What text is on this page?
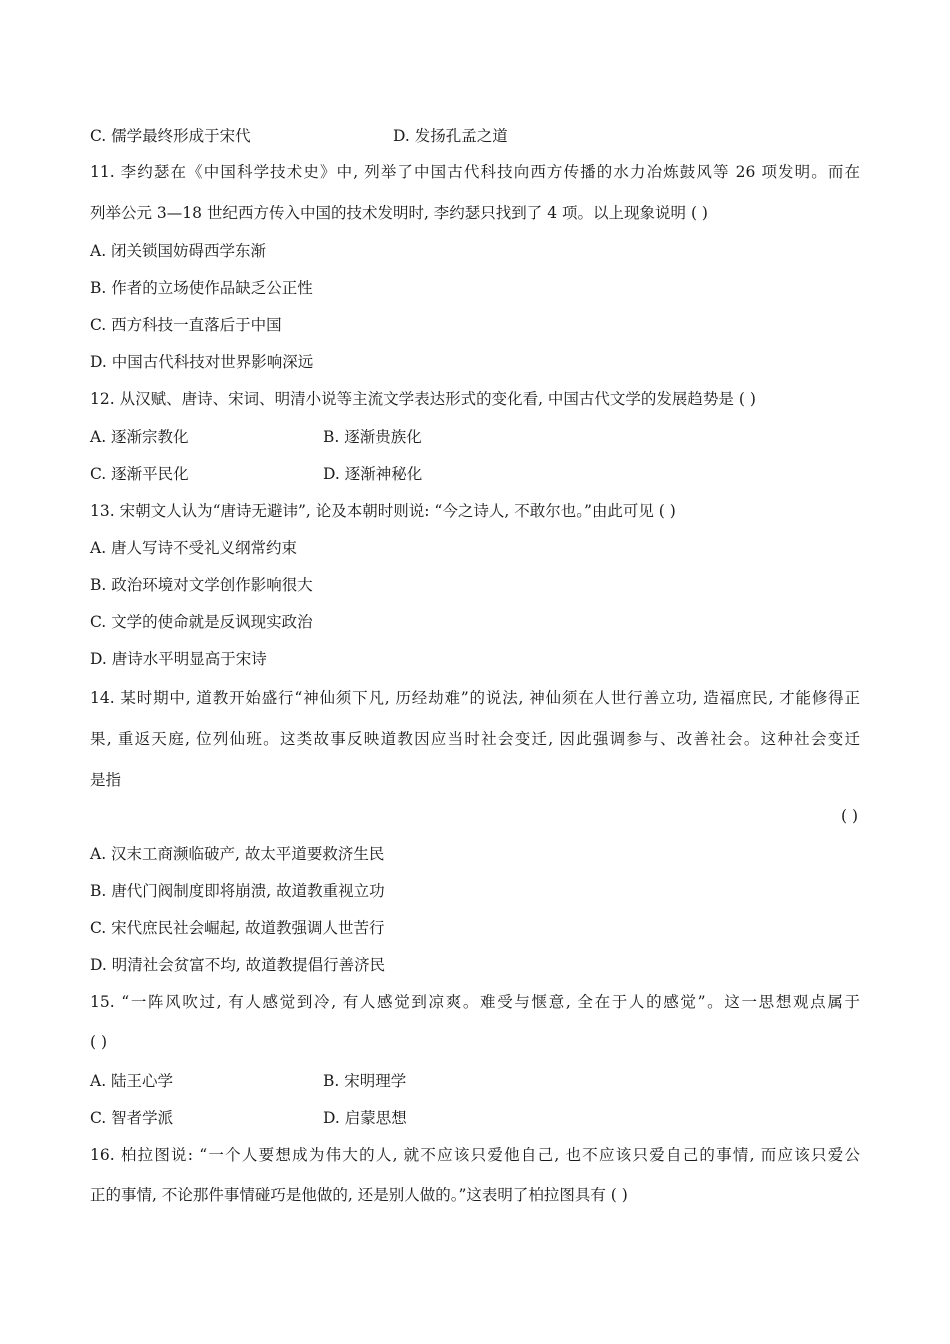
C. 儒学最终形成于宋代	D. 发扬孔孟之道
11. 李约瑟在《中国科学技术史》中, 列举了中国古代科技向西方传播的水力冶炼鼓风等 26 项发明。而在
列举公元 3—18 世纪西方传入中国的技术发明时, 李约瑟只找到了 4 项。以上现象说明 ( )
A. 闭关锁国妨碍西学东渐
B. 作者的立场使作品缺乏公正性
C. 西方科技一直落后于中国
D. 中国古代科技对世界影响深远
12. 从汉赋、唐诗、宋词、明清小说等主流文学表达形式的变化看, 中国古代文学的发展趋势是 ( )
A. 逐渐宗教化	B. 逐渐贵族化
C. 逐渐平民化	D. 逐渐神秘化
13. 宋朝文人认为“唐诗无避讳”, 论及本朝时则说: “今之诗人, 不敢尔也。”由此可见 ( )
A. 唐人写诗不受礼义纲常约束
B. 政治环境对文学创作影响很大
C. 文学的使命就是反讽现实政治
D. 唐诗水平明显高于宋诗
14. 某时期中, 道教开始盛行“神仙须下凡, 历经劫难”的说法, 神仙须在人世行善立功, 造福庶民, 才能修得正
果, 重返天庭, 位列仙班。这类故事反映道教因应当时社会变迁, 因此强调参与、改善社会。这种社会变迁
是指
( )
A. 汉末工商濒临破产, 故太平道要救济生民
B. 唐代门阀制度即将崩溃, 故道教重视立功
C. 宋代庶民社会崛起, 故道教强调人世苦行
D. 明清社会贫富不均, 故道教提倡行善济民
15. “一阵风吹过, 有人感觉到冷, 有人感觉到凉爽。难受与惬意, 全在于人的感觉”。这一思想观点属于
( )
A. 陆王心学	B. 宋明理学
C. 智者学派	D. 启蒙思想
16. 柏拉图说: “一个人要想成为伟大的人, 就不应该只爱他自己, 也不应该只爱自己的事情, 而应该只爱公
正的事情, 不论那件事情碰巧是他做的, 还是别人做的。”这表明了柏拉图具有 ( )
